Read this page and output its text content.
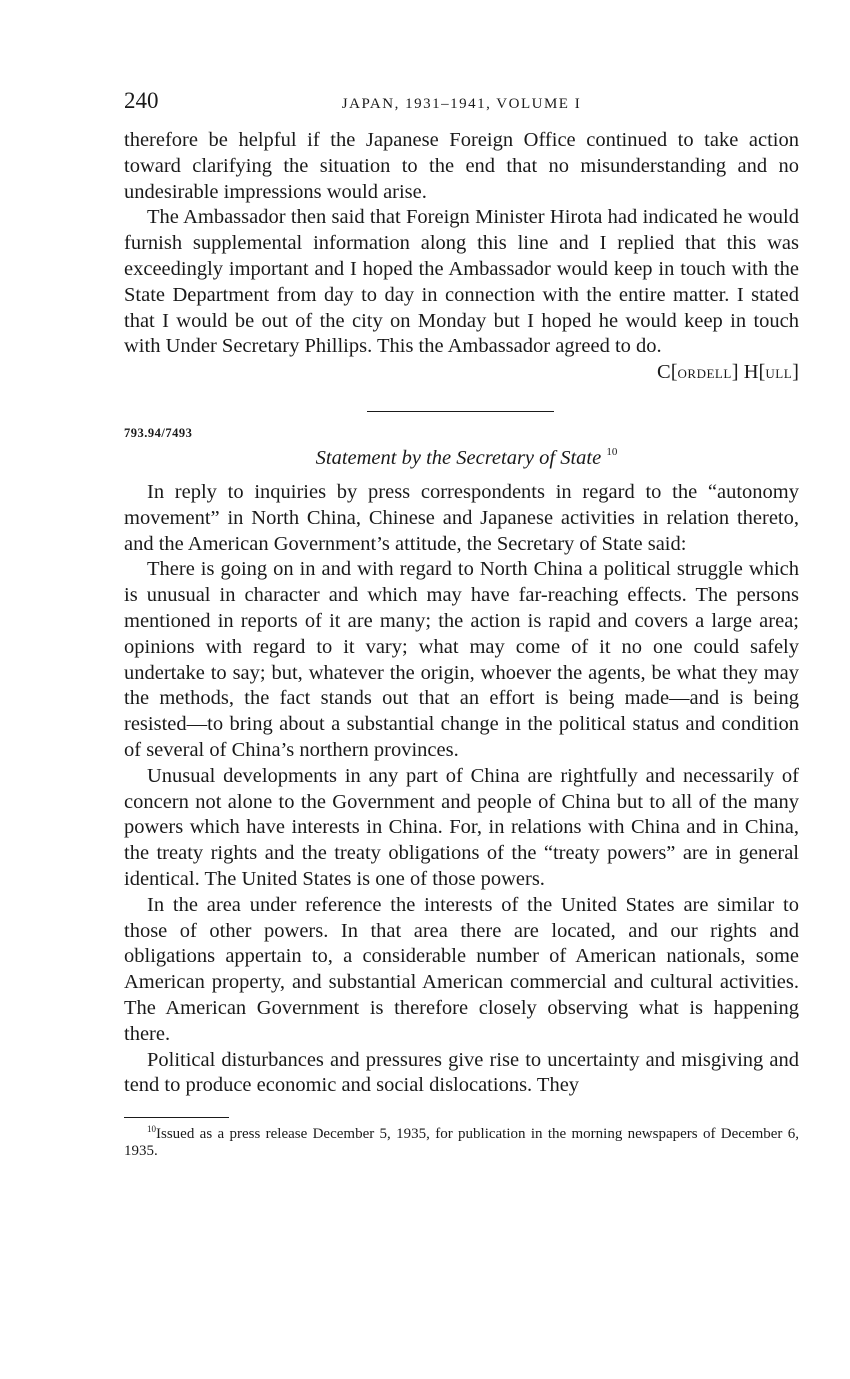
240	JAPAN, 1931–1941, VOLUME I

therefore be helpful if the Japanese Foreign Office continued to take action toward clarifying the situation to the end that no misunderstanding and no undesirable impressions would arise.

The Ambassador then said that Foreign Minister Hirota had indicated he would furnish supplemental information along this line and I replied that this was exceedingly important and I hoped the Ambassador would keep in touch with the State Department from day to day in connection with the entire matter. I stated that I would be out of the city on Monday but I hoped he would keep in touch with Under Secretary Phillips. This the Ambassador agreed to do.

C[ORDELL] H[ULL]
793.94/7493
Statement by the Secretary of State $^{10}$

In reply to inquiries by press correspondents in regard to the “autonomy movement” in North China, Chinese and Japanese activities in relation thereto, and the American Government’s attitude, the Secretary of State said:

There is going on in and with regard to North China a political struggle which is unusual in character and which may have far-reaching effects. The persons mentioned in reports of it are many; the action is rapid and covers a large area; opinions with regard to it vary; what may come of it no one could safely undertake to say; but, whatever the origin, whoever the agents, be what they may the methods, the fact stands out that an effort is being made—and is being resisted—to bring about a substantial change in the political status and condition of several of China’s northern provinces.

Unusual developments in any part of China are rightfully and necessarily of concern not alone to the Government and people of China but to all of the many powers which have interests in China. For, in relations with China and in China, the treaty rights and the treaty obligations of the “treaty powers” are in general identical. The United States is one of those powers.

In the area under reference the interests of the United States are similar to those of other powers. In that area there are located, and our rights and obligations appertain to, a considerable number of American nationals, some American property, and substantial American commercial and cultural activities. The American Government is therefore closely observing what is happening there.

Political disturbances and pressures give rise to uncertainty and misgiving and tend to produce economic and social dislocations. They

$^{10}$Issued as a press release December 5, 1935, for publication in the morning newspapers of December 6, 1935.
